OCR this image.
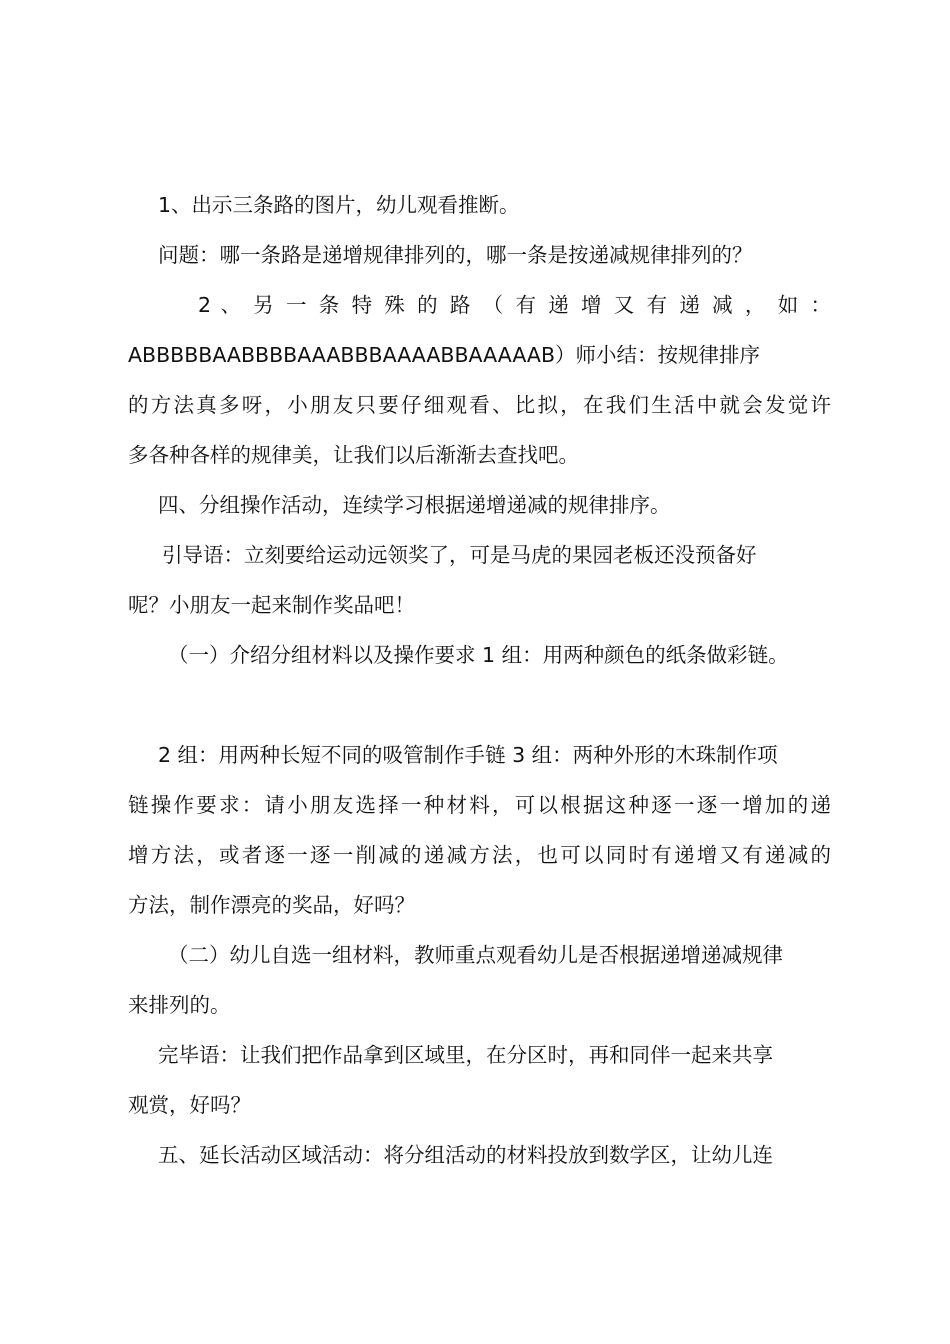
1、出示三条路的图片，幼儿观看推断。
问题：哪一条路是递增规律排列的，哪一条是按递减规律排列的？
2 、 另 一 条 特 殊 的 路 （ 有 递 增 又 有 递 减 ， 如 ：
ABBBBBAABBBBAAABBBAAAABBAAAAAB）师小结：按规律排序
的方法真多呀，小朋友只要仔细观看、比拟，在我们生活中就会发觉许
多各种各样的规律美，让我们以后渐渐去查找吧。
四、分组操作活动，连续学习根据递增递减的规律排序。
引导语：立刻要给运动远领奖了，可是马虎的果园老板还没预备好
呢？小朋友一起来制作奖品吧！
（一）介绍分组材料以及操作要求 1 组：用两种颜色的纸条做彩链。
2 组：用两种长短不同的吸管制作手链 3 组：两种外形的木珠制作项
链操作要求：请小朋友选择一种材料，可以根据这种逐一逐一增加的递
增方法，或者逐一逐一削减的递减方法，也可以同时有递增又有递减的
方法，制作漂亮的奖品，好吗？
（二）幼儿自选一组材料，教师重点观看幼儿是否根据递增递减规律
来排列的。
完毕语：让我们把作品拿到区域里，在分区时，再和同伴一起来共享
观赏，好吗？
五、延长活动区域活动：将分组活动的材料投放到数学区，让幼儿连
